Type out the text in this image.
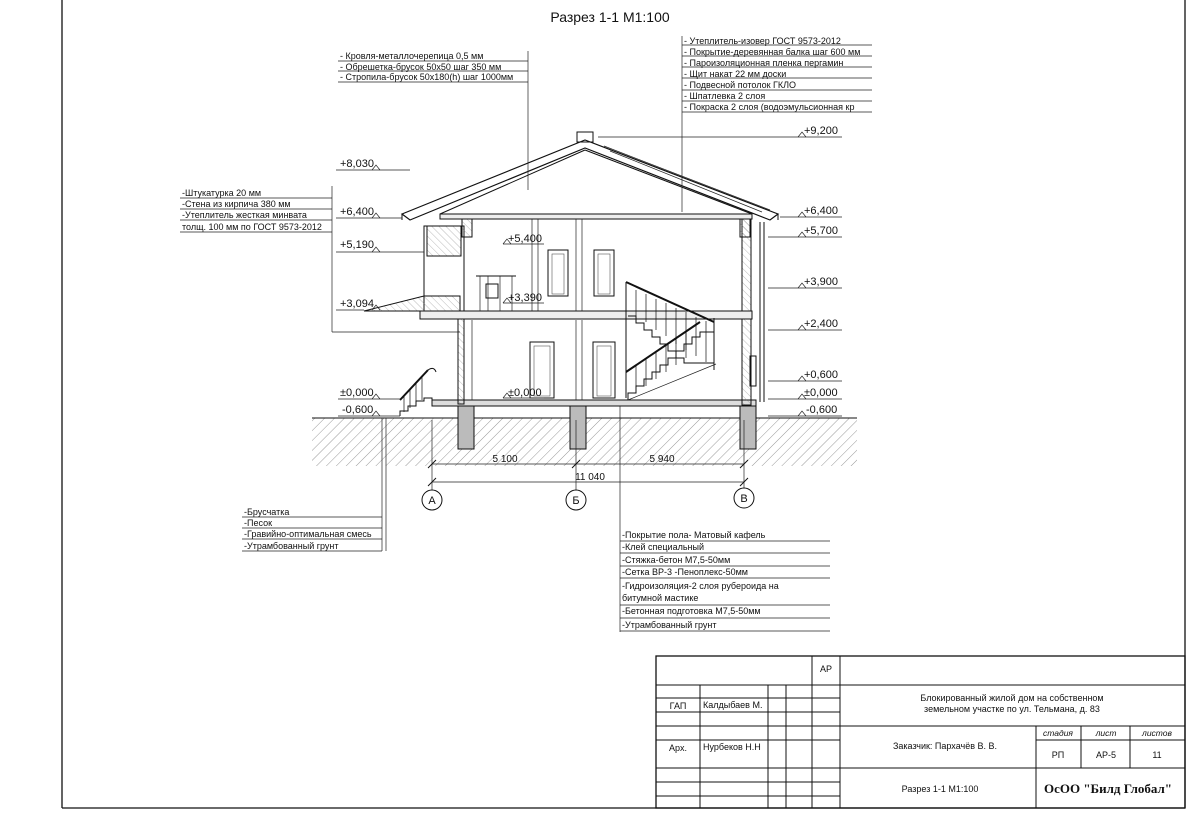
Разрез 1-1 М1:100
+8,030
+6,400
+5,190
+3,094
±0,000
-0,600
+9,200
+6,400
+5,700
+3,900
+2,400
+0,600
±0,000
-0,600
+5,400
+3,390
±0,000
5 100	5 940
11 040
А	Б	В
- Кровля-металлочерепица 0,5 мм
- Обрешетка-брусок 50х50 шаг 350 мм
- Стропила-брусок 50х180(h) шаг 1000мм
- Утеплитель-изовер ГОСТ 9573-2012
- Покрытие-деревянная балка шаг 600 мм
- Пароизоляционная пленка пергамин
- Щит накат 22 мм доски
- Подвесной потолок ГКЛО
- Шпатлевка 2 слоя
- Покраска 2 слоя (водоэмульсионная кр
-Штукатурка 20 мм
-Стена из кирпича 380 мм
-Утеплитель жесткая минвата
толщ. 100 мм по ГОСТ 9573-2012
-Брусчатка
-Песок
-Гравийно-оптимальная смесь
-Утрамбованный грунт
-Покрытие пола- Матовый кафель
-Клей специальный
-Стяжка-бетон М7,5-50мм
-Сетка ВР-3 -Пеноплекс-50мм
-Гидроизоляция-2 слоя рубероида на
битумной мастике
-Бетонная подготовка М7,5-50мм
-Утрамбованный грунт
АР
ГАП Калдыбаев М.
Арх. Нурбеков Н.Н
Блокированный жилой дом на собственном
земельном участке по ул. Тельмана, д. 83
Заказчик: Пархачёв В. В.
стадия	лист	листов
РП	АР-5	11
Разрез 1-1 М1:100	ОсОО "Билд Глобал"
